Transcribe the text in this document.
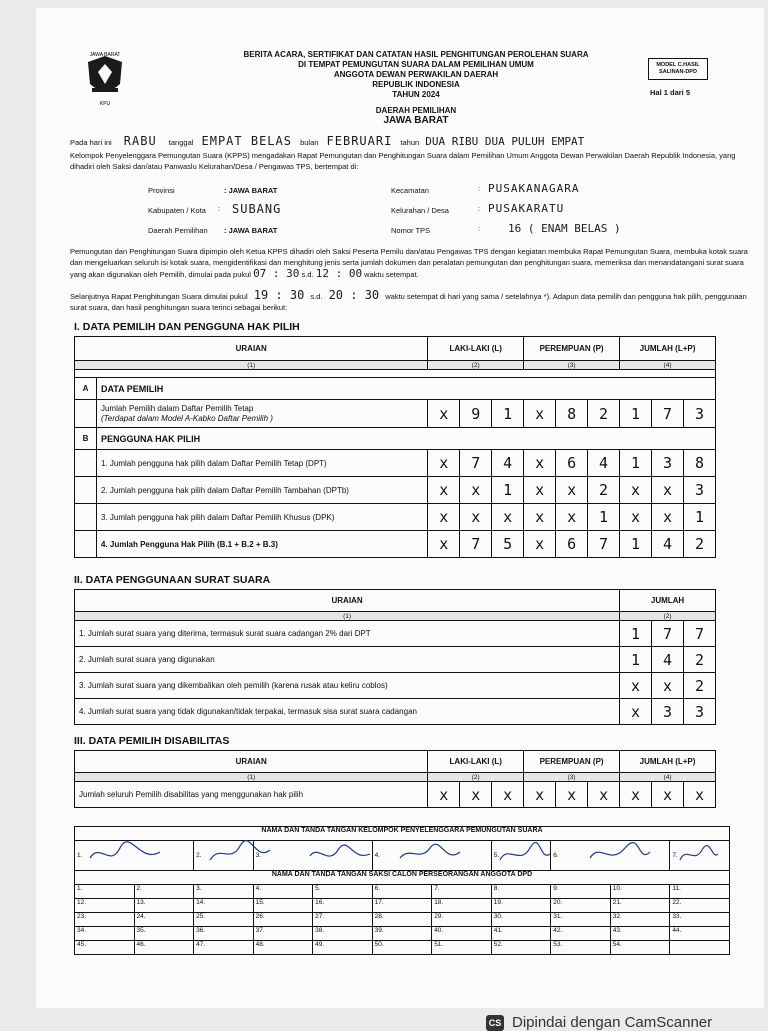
JAWA BARAT
KPU
BERITA ACARA, SERTIFIKAT DAN CATATAN HASIL PENGHITUNGAN PEROLEHAN SUARA
DI TEMPAT PEMUNGUTAN SUARA DALAM PEMILIHAN UMUM
ANGGOTA DEWAN PERWAKILAN DAERAH
REPUBLIK INDONESIA
TAHUN 2024
DAERAH PEMILIHAN
JAWA BARAT
MODEL C.HASIL SALINAN-DPD
Hal 1 dari 5
Pada hari ini RABU tanggal EMPAT BELAS bulan FEBRUARI tahun DUA RIBU DUA PULUH EMPAT
Kelompok Penyelenggara Pemungutan Suara (KPPS) mengadakan Rapat Pemungutan dan Penghitungan Suara dalam Pemilihan Umum Anggota Dewan Perwakilan Daerah Republik Indonesia, yang dihadiri oleh Saksi dan/atau Panwaslu Kelurahan/Desa / Pengawas TPS, bertempat di:
Provinsi	: JAWA BARAT
Kabupaten / Kota : SUBANG
Daerah Pemilihan : JAWA BARAT
Kecamatan	: PUSAKANAGARA
Kelurahan / Desa	: PUSAKARATU
Nomor TPS	:	16 ( ENAM BELAS )
Pemungutan dan Penghitungan Suara dipimpin oleh Ketua KPPS dihadiri oleh Saksi Peserta Pemilu dan/atau Pengawas TPS dengan kegiatan membuka Rapat Pemungutan Suara, membuka kotak suara dan mengeluarkan seluruh isi kotak suara, mengidentifikasi dan menghitung jenis serta jumlah dokumen dan peralatan pemungutan dan penghitungan suara, memeriksa dan menandatangani surat suara yang akan digunakan oleh Pemilih, dimulai pada pukul 07 : 30 s.d. 12 : 00 waktu setempat.
Selanjutnya Rapat Penghitungan Suara dimulai pukul 19 : 30 s.d. 20 : 30 waktu setempat di hari yang sama / setelahnya *). Adapun data pemilih dan pengguna hak pilih, penggunaan surat suara, dan hasil penghitungan suara terinci sebagai berikut:
I. DATA PEMILIH DAN PENGGUNA HAK PILIH
URAIAN		LAKI-LAKI (L)			PEREMPUAN (P)			JUMLAH (L+P)		
(1)		(2)			(3)			(4)		

A	DATA PEMILIH									
	Jumlah Pemilih dalam Daftar Pemilih Tetap
(Terdapat dalam Model A-Kabko Daftar Pemilih )	x	9	1	x	8	2	1	7	3
B	PENGGUNA HAK PILIH									
	1. Jumlah pengguna hak pilih dalam Daftar Pemilih Tetap (DPT)	x	7	4	x	6	4	1	3	8
	2. Jumlah pengguna hak pilih dalam Daftar Pemilih Tambahan (DPTb)	x	x	1	x	x	2	x	x	3
	3. Jumlah pengguna hak pilih dalam Daftar Pemilih Khusus (DPK)	x	x	x	x	x	1	x	x	1
	4. Jumlah Pengguna Hak Pilih (B.1 + B.2 + B.3)	x	7	5	x	6	7	1	4	2
II. DATA PENGGUNAAN SURAT SUARA
URAIAN	JUMLAH		
(1)	(2)		
1. Jumlah surat suara yang diterima, termasuk surat suara cadangan 2% dari DPT	1	7	7
2. Jumlah surat suara yang digunakan	1	4	2
3. Jumlah surat suara yang dikembalikan oleh pemilih (karena rusak atau keliru coblos)	x	x	2
4. Jumlah surat suara yang tidak digunakan/tidak terpakai, termasuk sisa surat suara cadangan	x	3	3
III. DATA PEMILIH DISABILITAS
URAIAN	LAKI-LAKI (L)			PEREMPUAN (P)			JUMLAH (L+P)		
(1)	(2)			(3)			(4)		
Jumlah seluruh Pemilih disabilitas yang menggunakan hak pilih	x	x	x	x	x	x	x	x	x
NAMA DAN TANDA TANGAN KELOMPOK PENYELENGGARA PEMUNGUTAN SUARA										
1.		2.	3.		4.		5.	6.		7.
NAMA DAN TANDA TANGAN SAKSI CALON PERSEORANGAN ANGGOTA DPD										
1.	2.	3.	4.	5.	6.	7.	8.	9.	10.	11.
12.	13.	14.	15.	16.	17.	18.	19.	20.	21.	22.
23.	24.	25.	26.	27.	28.	29.	30.	31.	32.	33.
34.	35.	36.	37.	38.	39.	40.	41.	42.	43.	44.
45.	46.	47.	48.	49.	50.	51.	52.	53.	54.	
CS Dipindai dengan CamScanner
